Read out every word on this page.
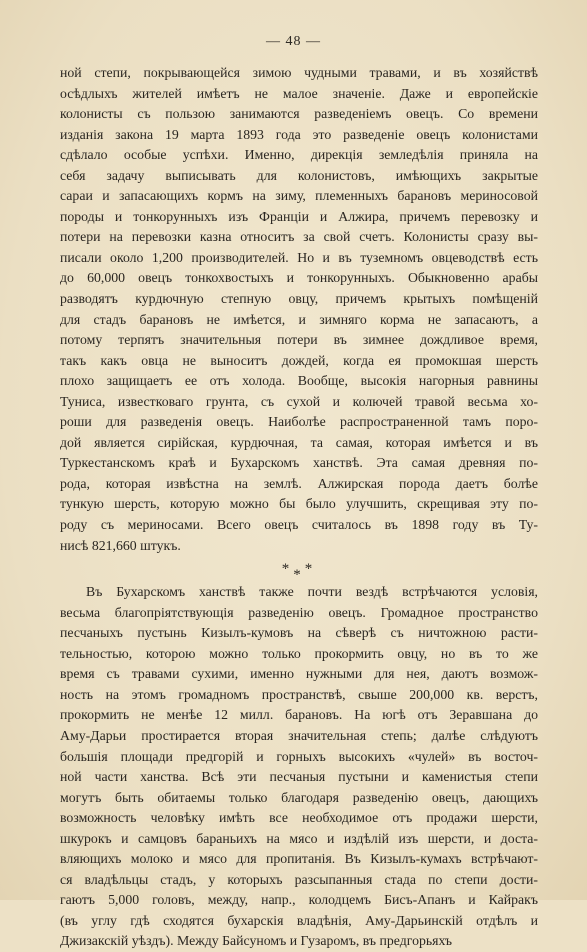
— 48 —
ной степи, покрывающейся зимою чудными травами, и въ хозяйствѣ
осѣдлыхъ жителей имѣетъ не малое значеніе. Даже и европейскіе
колонисты съ пользою занимаются разведеніемъ овецъ. Со времени
изданія закона 19 марта 1893 года это разведеніе овецъ колонистами
сдѣлало особые успѣхи. Именно, дирекція земледѣлія приняла на
себя задачу выписывать для колонистовъ, имѣющихъ закрытые
сараи и запасающихъ кормъ на зиму, племенныхъ барановъ мериносовой
породы и тонкорунныхъ изъ Франціи и Алжира, причемъ перевозку и
потери на перевозки казна относитъ за свой счетъ. Колонисты сразу вы-
писали около 1,200 производителей. Но и въ туземномъ овцеводствѣ есть
до 60,000 овецъ тонкохвостыхъ и тонкорунныхъ. Обыкновенно арабы
разводятъ курдючную степную овцу, причемъ крытыхъ помѣщеній
для стадъ барановъ не имѣется, и зимняго корма не запасаютъ, а
потому терпятъ значительныя потери въ зимнее дождливое время,
такъ какъ овца не выноситъ дождей, когда ея промокшая шерсть
плохо защищаетъ ее отъ холода. Вообще, высокія нагорныя равнины
Туниса, известковаго грунта, съ сухой и колючей травой весьма хо-
роши для разведенія овецъ. Наиболѣе распространенной тамъ поро-
дой является сирійская, курдючная, та самая, которая имѣется и въ
Туркестанскомъ краѣ и Бухарскомъ ханствѣ. Эта самая древняя по-
рода, которая извѣстна на землѣ. Алжирская порода даетъ болѣе
тункую шерсть, которую можно бы было улучшить, скрещивая эту по-
роду съ мериносами. Всего овецъ считалось въ 1898 году въ Ту-
нисѣ 821,660 штукъ.
***
Въ Бухарскомъ ханствѣ также почти вездѣ встрѣчаются условія,
весьма благопріятствующія разведенію овецъ. Громадное пространство
песчаныхъ пустынь Кизылъ-кумовъ на сѣверѣ съ ничтожною расти-
тельностью, которою можно только прокормить овцу, но въ то же
время съ травами сухими, именно нужными для нея, даютъ возмож-
ность на этомъ громадномъ пространствѣ, свыше 200,000 кв. верстъ,
прокормить не менѣе 12 милл. барановъ. На югѣ отъ Зеравшана до
Аму-Дарьи простирается вторая значительная степь; далѣе слѣдуютъ
большія площади предгорій и горныхъ высокихъ «чулей» въ восточ-
ной части ханства. Всѣ эти песчаныя пустыни и каменистыя степи
могутъ быть обитаемы только благодаря разведенію овецъ, дающихъ
возможность человѣку имѣть все необходимое отъ продажи шерсти,
шкурокъ и самцовъ бараньихъ на мясо и издѣлій изъ шерсти, и доста-
вляющихъ молоко и мясо для пропитанія. Въ Кизылъ-кумахъ встрѣчают-
ся владѣльцы стадъ, у которыхъ разсыпанныя стада по степи дости-
гаютъ 5,000 головъ, между, напр., колодцемъ Бисъ-Апанъ и Кайракъ
(въ углу гдѣ сходятся бухарскія владѣнія, Аму-Дарьинскій отдѣлъ и
Джизакскій уѣздъ). Между Байсуномъ и Гузаромъ, въ предгорьяхъ
